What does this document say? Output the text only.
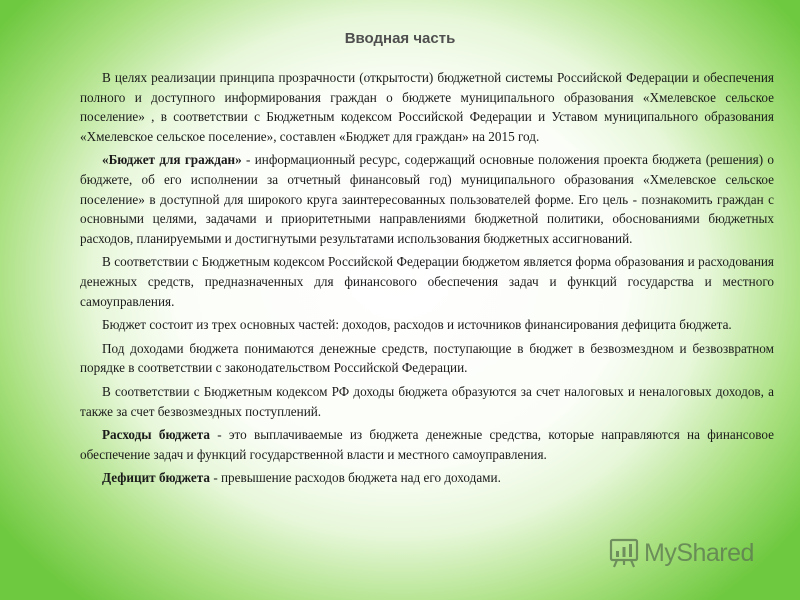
Вводная часть

В целях реализации принципа прозрачности (открытости) бюджетной системы Российской Федерации и обеспечения полного и доступного информирования граждан о бюджете муниципального образования «Хмелевское сельское поселение» , в соответствии с Бюджетным кодексом Российской Федерации и Уставом муниципального образования «Хмелевское сельское поселение», составлен «Бюджет для граждан» на 2015 год.

«Бюджет для граждан» - информационный ресурс, содержащий основные положения проекта бюджета (решения) о бюджете, об его исполнении за отчетный финансовый год) муниципального образования «Хмелевское сельское поселение» в доступной для широкого круга заинтересованных пользователей форме. Его цель - познакомить граждан с основными целями, задачами и приоритетными направлениями бюджетной политики, обоснованиями бюджетных расходов, планируемыми и достигнутыми результатами использования бюджетных ассигнований.

В соответствии с Бюджетным кодексом Российской Федерации бюджетом является форма образования и расходования денежных средств, предназначенных для финансового обеспечения задач и функций государства и местного самоуправления.

Бюджет состоит из трех основных частей: доходов, расходов и источников финансирования дефицита бюджета.

Под доходами бюджета понимаются денежные средств, поступающие в бюджет в безвозмездном и безвозвратном порядке в соответствии с законодательством Российской Федерации.

В соответствии с Бюджетным кодексом РФ доходы бюджета образуются за счет налоговых и неналоговых доходов, а также за счет безвозмездных поступлений.

Расходы бюджета - это выплачиваемые из бюджета денежные средства, которые направляются на финансовое обеспечение задач и функций государственной власти и местного самоуправления.

Дефицит бюджета - превышение расходов бюджета над его доходами.

MyShared
